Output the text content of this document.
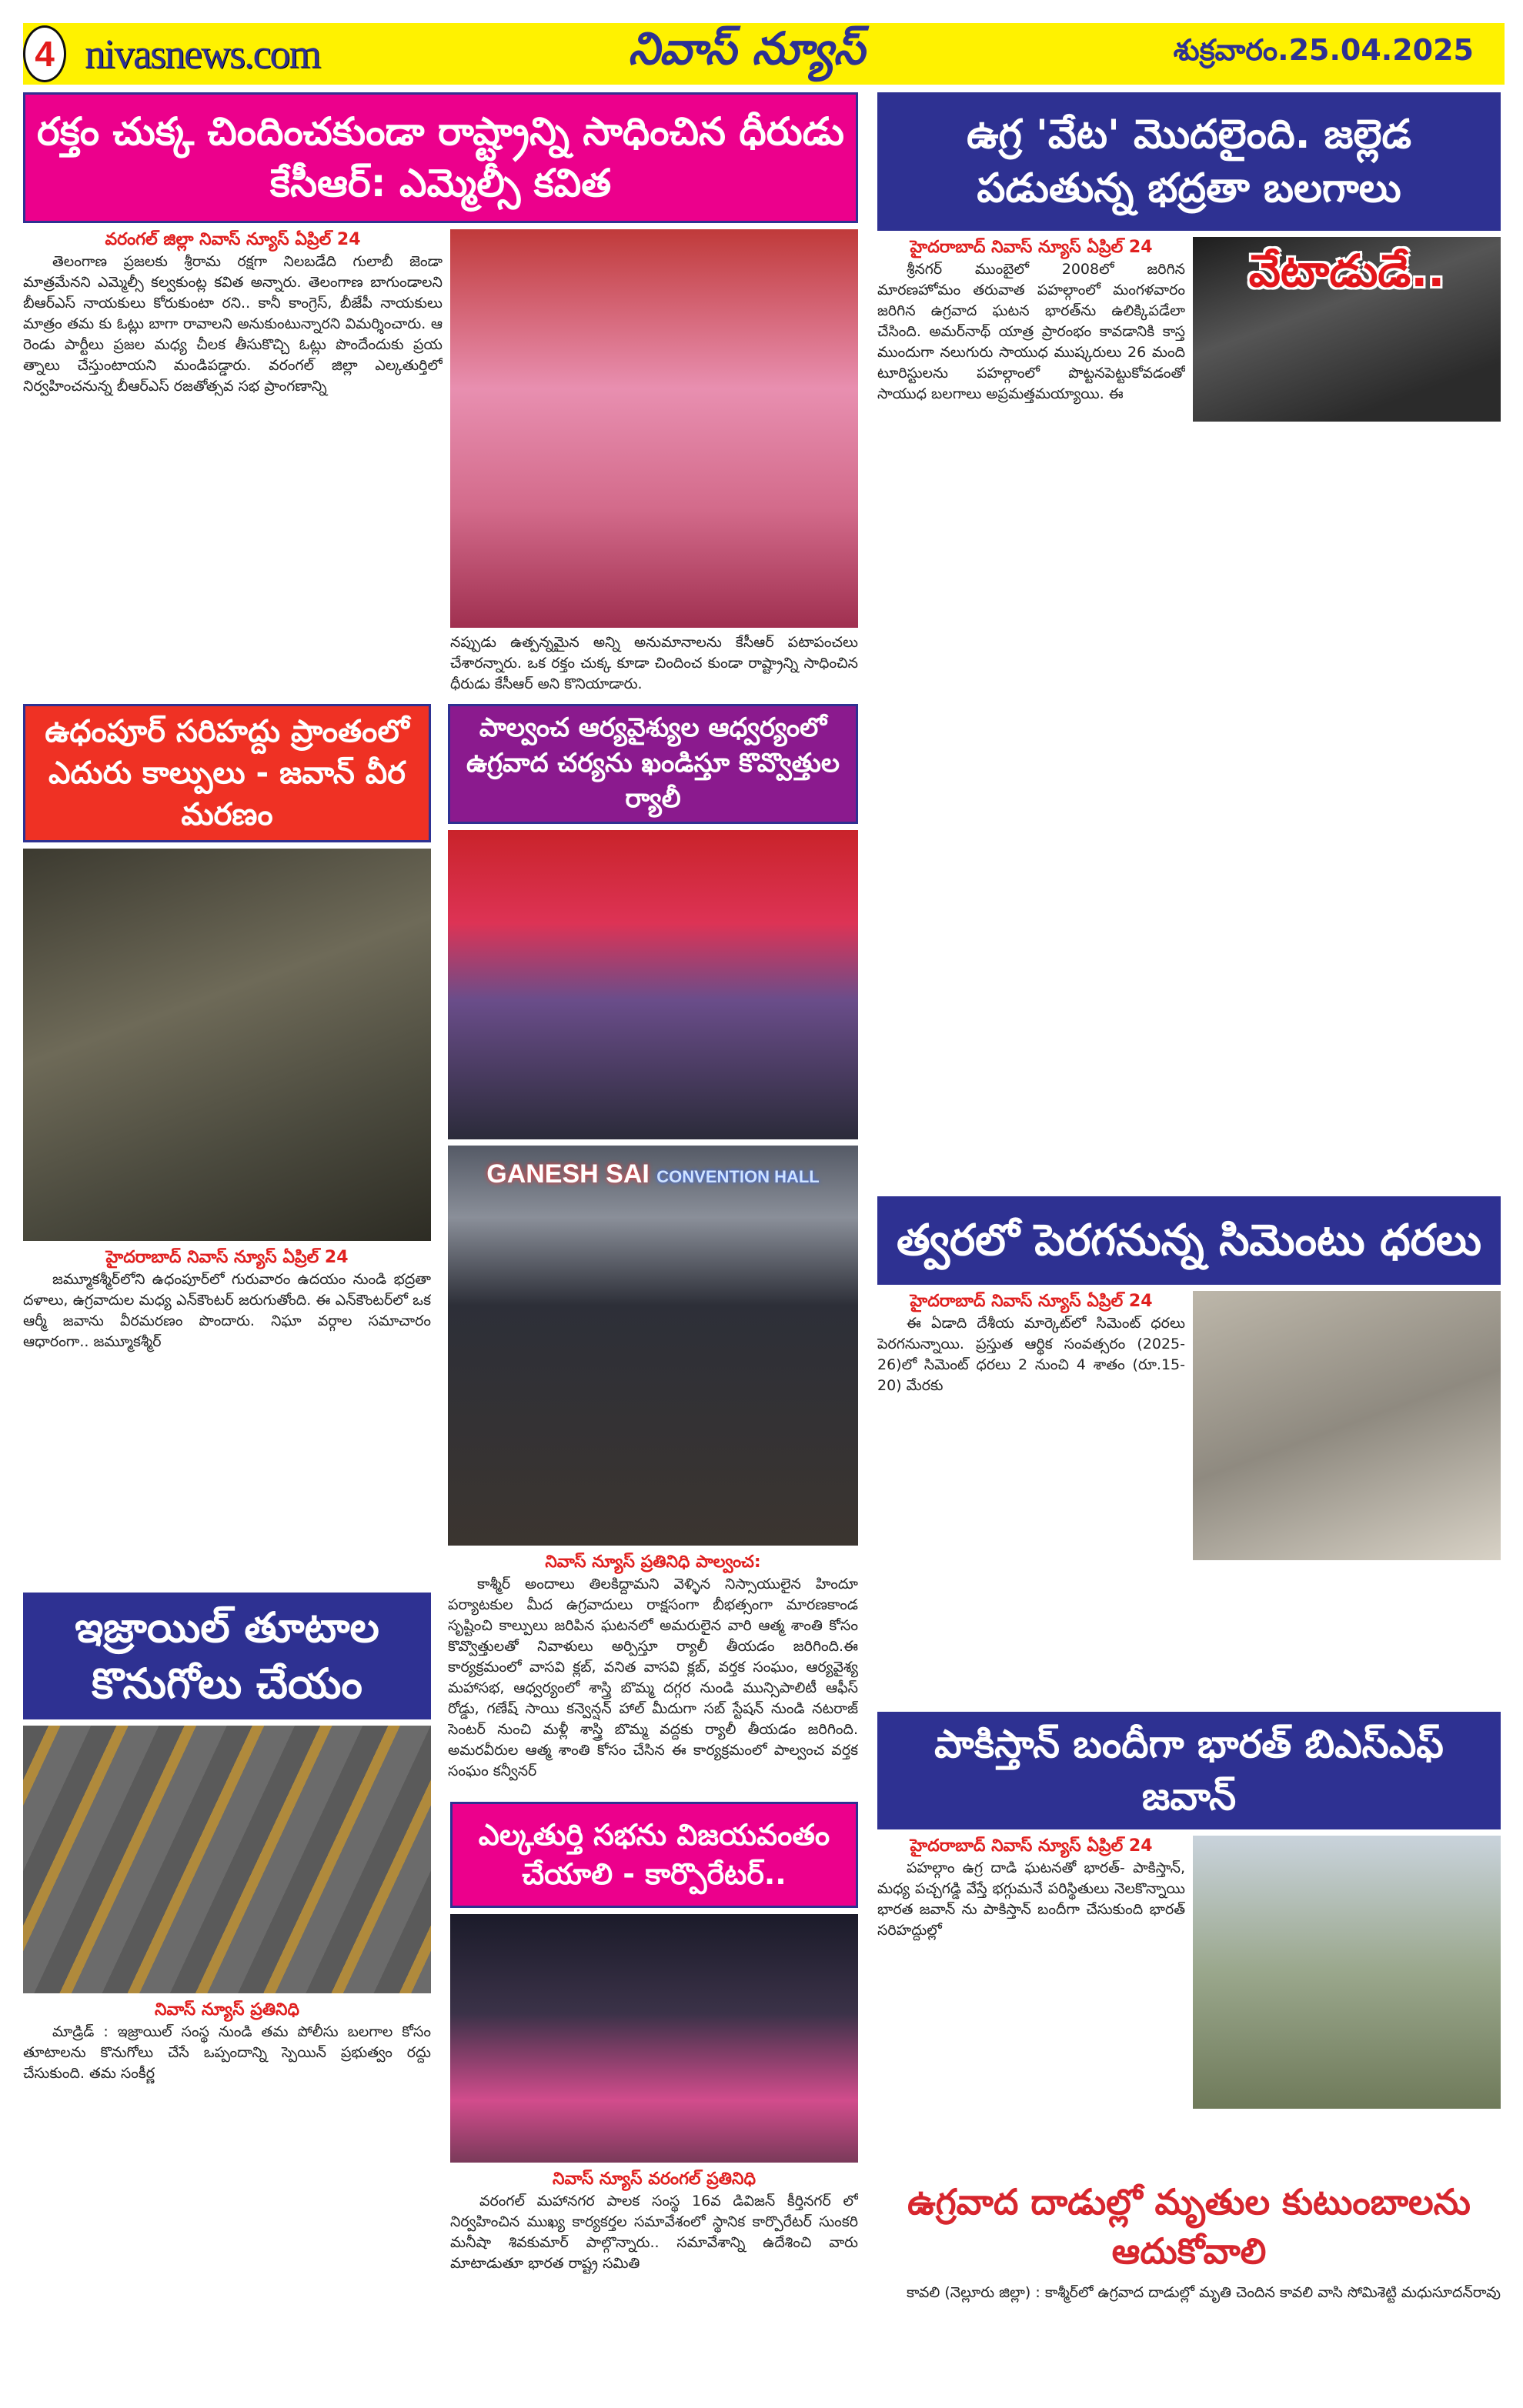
4 nivasnews.com	నివాస్ న్యూస్	శుక్రవారం.25.04.2025
రక్తం చుక్క చిందించకుండా రాష్ట్రాన్ని సాధించిన ధీరుడు కేసీఆర్: ఎమ్మెల్సీ కవిత
వరంగల్ జిల్లా నివాస్ న్యూస్ ఏప్రిల్ 24

తెలంగాణ ప్రజలకు శ్రీరామ రక్షగా నిలబడేది గులాబీ జెండా మాత్రమేనని ఎమ్మెల్సీ కల్వకుంట్ల కవిత అన్నారు. తెలంగాణ బాగుండాలని బీఆర్ఎస్ నాయకులు కోరుకుంటా రని.. కానీ కాంగ్రెస్, బీజేపీ నాయకులు మాత్రం తమ కు ఓట్లు బాగా రావాలని అనుకుంటున్నారని విమర్శించారు. ఆ రెండు పార్టీలు ప్రజల మధ్య చీలక తీసుకొచ్చి ఓట్లు పొందేందుకు ప్రయ త్నాలు చేస్తుంటాయని మండిపడ్డారు. వరంగల్ జిల్లా ఎల్కతుర్తిలో నిర్వహించనున్న బీఆర్ఎస్ రజతోత్సవ సభ ప్రాంగణాన్ని

నప్పుడు ఉత్పన్నమైన అన్ని అనుమానాలను కేసీఆర్ పటాపంచలు చేశారన్నారు. ఒక రక్తం చుక్క కూడా చిందించ కుండా రాష్ట్రాన్ని సాధించిన ధీరుడు కేసీఆర్ అని కొనియాడారు.
ఉగ్ర 'వేట' మొదలైంది. జల్లెడ పడుతున్న భద్రతా బలగాలు
హైదరాబాద్ నివాస్ న్యూస్ ఏప్రిల్ 24

శ్రీనగర్ ముంబైలో 2008లో జరిగిన మారణహోమం తరువాత పహల్గాంలో మంగళవారం జరిగిన ఉగ్రవాద ఘటన భారత్‌ను ఉలిక్కిపడేలా చేసింది. అమర్‌నాథ్ యాత్ర ప్రారంభం కావడానికి కాస్త ముందుగా నలుగురు సాయుధ ముష్కరులు 26 మంది టూరిస్టులను పహల్గాంలో పొట్టనపెట్టుకోవడంతో సాయుధ బలగాలు అప్రమత్తమయ్యాయి. ఈ

వేటాడుడే..
ఉధంపూర్ సరిహద్దు ప్రాంతంలో ఎదురు కాల్పులు - జవాన్ వీర మరణం
హైదరాబాద్ నివాస్ న్యూస్ ఏప్రిల్ 24

జమ్మూకశ్మీర్‌లోని ఉధంపూర్‌లో గురువారం ఉదయం నుండి భద్రతా దళాలు, ఉగ్రవాదుల మధ్య ఎన్‌కౌంటర్ జరుగుతోంది. ఈ ఎన్‌కౌంటర్‌లో ఒక ఆర్మీ జవాను వీరమరణం పొందారు. నిఘా వర్గాల సమాచారం ఆధారంగా.. జమ్మూకశ్మీర్

పాల్వంచ ఆర్యవైశ్యుల ఆధ్వర్యంలో ఉగ్రవాద చర్యను ఖండిస్తూ కొవ్వొత్తుల ర్యాలీ
GANESH SAI CONVENTION HALL
నివాస్ న్యూస్ ప్రతినిధి పాల్వంచ:

కాశ్మీర్ అందాలు తిలకిద్దామని వెళ్ళిన నిస్సాయులైన హిందూ పర్యాటకుల మీద ఉగ్రవాదులు రాక్షసంగా బీభత్సంగా మారణకాండ సృష్టించి కాల్పులు జరిపిన ఘటనలో అమరులైన వారి ఆత్మ శాంతి కోసం కొవ్వొత్తులతో నివాళులు అర్పిస్తూ ర్యాలీ తీయడం జరిగింది.ఈ కార్యక్రమంలో వాసవి క్లబ్, వనిత వాసవి క్లబ్, వర్తక సంఘం, ఆర్యవైశ్య మహాసభ, ఆధ్వర్యంలో శాస్త్రి బొమ్మ దగ్గర నుండి మున్సిపాలిటీ ఆఫీస్ రోడ్డు, గణేష్ సాయి కన్వెన్షన్ హాల్ మీదుగా సబ్ స్టేషన్ నుండి నటరాజ్ సెంటర్ నుంచి మళ్లీ శాస్త్రి బొమ్మ వద్దకు ర్యాలీ తీయడం జరిగింది. అమరవీరుల ఆత్మ శాంతి కోసం చేసిన ఈ కార్యక్రమంలో పాల్వంచ వర్తక సంఘం కన్వీనర్

ఇజ్రాయిల్ తూటాల కొనుగోలు చేయం
నివాస్ న్యూస్ ప్రతినిధి

మాడ్రిడ్ : ఇజ్రాయిల్ సంస్థ నుండి తమ పోలీసు బలగాల కోసం తూటాలను కొనుగోలు చేసే ఒప్పందాన్ని స్పెయిన్ ప్రభుత్వం రద్దు చేసుకుంది. తమ సంకీర్ణ

త్వరలో పెరగనున్న సిమెంటు ధరలు
హైదరాబాద్ నివాస్ న్యూస్ ఏప్రిల్ 24

ఈ ఏడాది దేశీయ మార్కెట్‌లో సిమెంట్ ధరలు పెరగనున్నాయి. ప్రస్తుత ఆర్థిక సంవత్సరం (2025-26)లో సిమెంట్ ధరలు 2 నుంచి 4 శాతం (రూ.15-20) మేరకు

పాకిస్తాన్ బందీగా భారత్ బిఎస్ఎఫ్ జవాన్
హైదరాబాద్ నివాస్ న్యూస్ ఏప్రిల్ 24

పహల్గాం ఉగ్ర దాడి ఘటనతో భారత్- పాకిస్తాన్, మధ్య పచ్చగడ్డి వేస్తే భగ్గుమనే పరిస్థితులు నెలకొన్నాయి భారత జవాన్ ను పాకిస్తాన్ బందీగా చేసుకుంది భారత్ సరిహద్దుల్లో

ఎల్కతుర్తి సభను విజయవంతం చేయాలి - కార్పొరేటర్..
నివాస్ న్యూస్ వరంగల్ ప్రతినిధి

వరంగల్ మహానగర పాలక సంస్థ 16వ డివిజన్ కీర్తినగర్ లో నిర్వహించిన ముఖ్య కార్యకర్తల సమావేశంలో స్థానిక కార్పొరేటర్ సుంకరి మనీషా శివకుమార్ పాల్గొన్నారు.. సమావేశాన్ని ఉదేశించి వారు మాటాడుతూ భారత రాష్ట్ర సమితి

ఉగ్రవాద దాడుల్లో మృతుల కుటుంబాలను ఆదుకోవాలి

కావలి (నెల్లూరు జిల్లా) : కాశ్మీర్‌లో ఉగ్రవాద దాడుల్లో మృతి చెందిన కావలి వాసి సోమిశెట్టి మధుసూదన్‌రావు
